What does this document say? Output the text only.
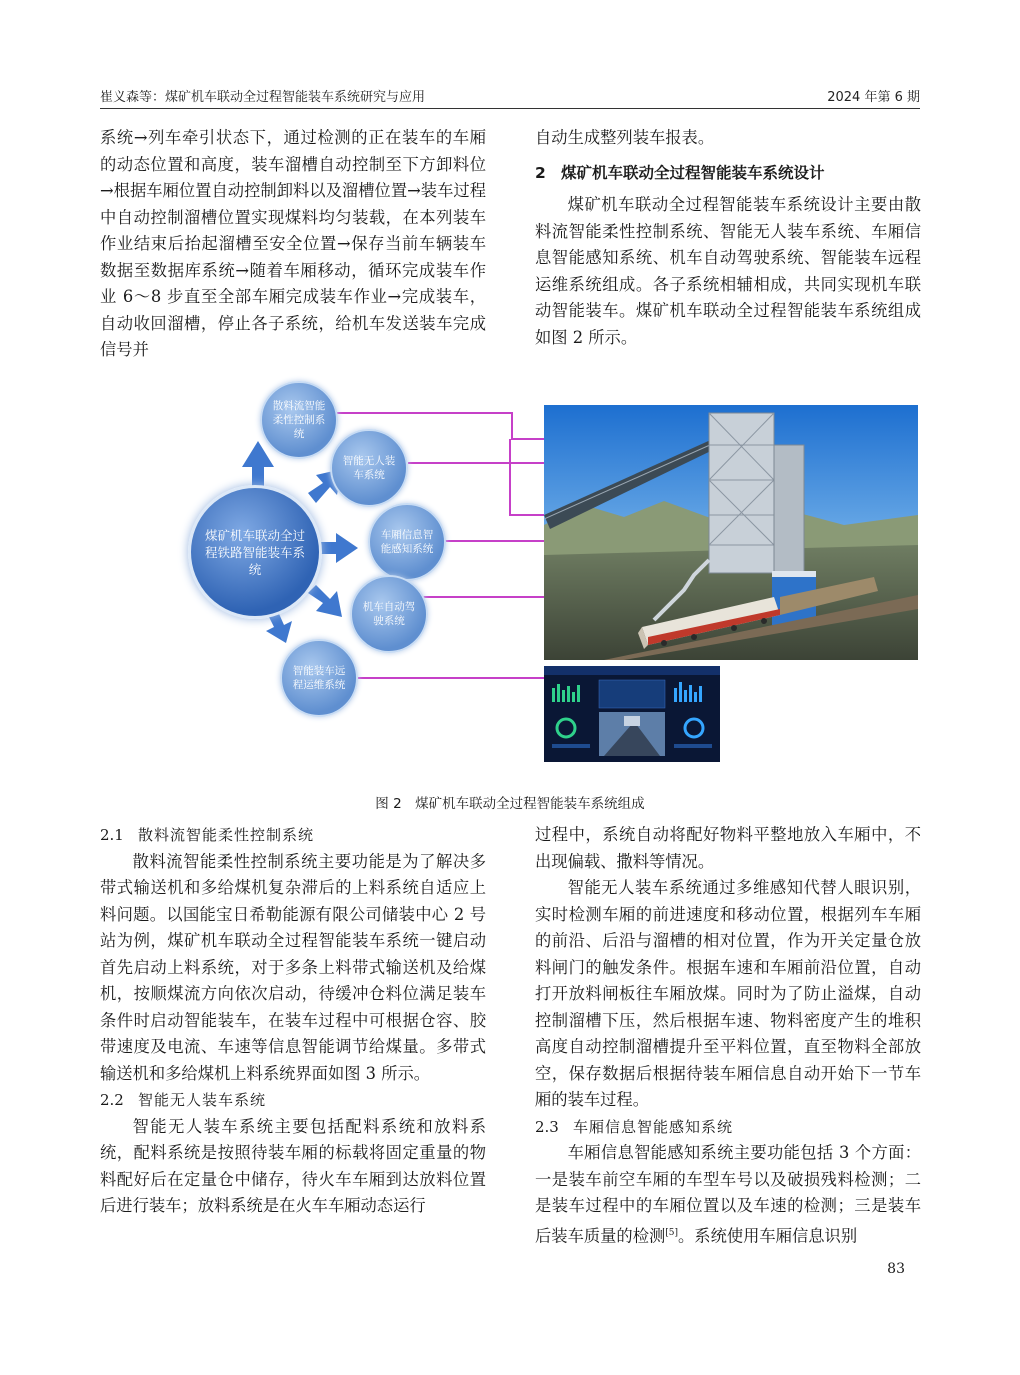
崔义森等：煤矿机车联动全过程智能装车系统研究与应用	2024 年第 6 期

系统→列车牵引状态下，通过检测的正在装车的车厢的动态位置和高度，装车溜槽自动控制至下方卸料位→根据车厢位置自动控制卸料以及溜槽位置→装车过程中自动控制溜槽位置实现煤料均匀装载，在本列装车作业结束后抬起溜槽至安全位置→保存当前车辆装车数据至数据库系统→随着车厢移动，循环完成装车作业 6～8 步直至全部车厢完成装车作业→完成装车，自动收回溜槽，停止各子系统，给机车发送装车完成信号并

自动生成整列装车报表。

2 煤矿机车联动全过程智能装车系统设计

煤矿机车联动全过程智能装车系统设计主要由散料流智能柔性控制系统、智能无人装车系统、车厢信息智能感知系统、机车自动驾驶系统、智能装车远程运维系统组成。各子系统相辅相成，共同实现机车联动智能装车。煤矿机车联动全过程智能装车系统组成如图 2 所示。

煤矿机车联动全过程铁路智能装车系统
散料流智能柔性控制系统
智能无人装车系统
车厢信息智能感知系统
机车自动驾驶系统
智能装车远程运维系统
图 2　煤矿机车联动全过程智能装车系统组成

2.1 散料流智能柔性控制系统

散料流智能柔性控制系统主要功能是为了解决多带式输送机和多给煤机复杂滞后的上料系统自适应上料问题。以国能宝日希勒能源有限公司储装中心 2 号站为例，煤矿机车联动全过程智能装车系统一键启动首先启动上料系统，对于多条上料带式输送机及给煤机，按顺煤流方向依次启动，待缓冲仓料位满足装车条件时启动智能装车，在装车过程中可根据仓容、胶带速度及电流、车速等信息智能调节给煤量。多带式输送机和多给煤机上料系统界面如图 3 所示。

2.2 智能无人装车系统

智能无人装车系统主要包括配料系统和放料系统，配料系统是按照待装车厢的标载将固定重量的物料配好后在定量仓中储存，待火车车厢到达放料位置后进行装车；放料系统是在火车车厢动态运行

过程中，系统自动将配好物料平整地放入车厢中，不出现偏载、撒料等情况。

智能无人装车系统通过多维感知代替人眼识别，实时检测车厢的前进速度和移动位置，根据列车车厢的前沿、后沿与溜槽的相对位置，作为开关定量仓放料闸门的触发条件。根据车速和车厢前沿位置，自动打开放料闸板往车厢放煤。同时为了防止溢煤，自动控制溜槽下压，然后根据车速、物料密度产生的堆积高度自动控制溜槽提升至平料位置，直至物料全部放空，保存数据后根据待装车厢信息自动开始下一节车厢的装车过程。

2.3 车厢信息智能感知系统

车厢信息智能感知系统主要功能包括 3 个方面：一是装车前空车厢的车型车号以及破损残料检测；二是装车过程中的车厢位置以及车速的检测；三是装车后装车质量的检测[5]。系统使用车厢信息识别

83
